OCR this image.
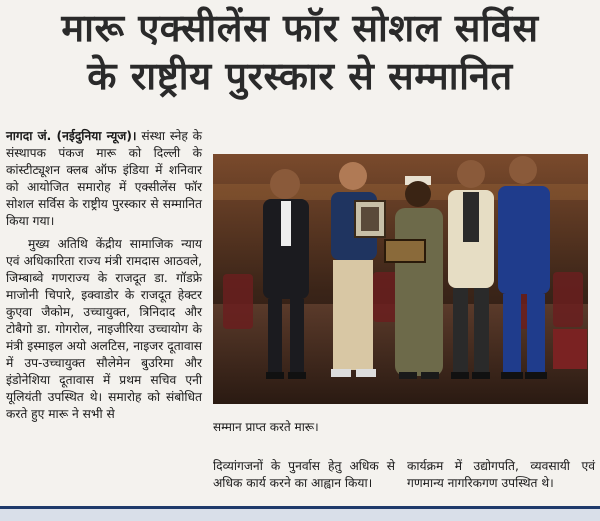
मारू एक्सीलेंस फॉर सोशल सर्विस
के राष्ट्रीय पुरस्कार से सम्मानित

नागदा जं. (नईदुनिया न्यूज)। संस्था स्नेह के संस्थापक पंकज मारू को दिल्ली के कांस्टीट्यूशन क्लब ऑफ इंडिया में शनिवार को आयोजित समारोह में एक्सीलेंस फॉर सोशल सर्विस के राष्ट्रीय पुरस्कार से सम्मानित किया गया।

मुख्य अतिथि केंद्रीय सामाजिक न्याय एवं अधिकारिता राज्य मंत्री रामदास आठवले, जिम्बाब्वे गणराज्य के राजदूत डा. गॉडफ्रे माजोनी चिपारे, इक्वाडोर के राजदूत हेक्टर कुएवा जैकोम, उच्चायुक्त, त्रिनिदाद और टोबैगो डा. गोगरोल, नाइजीरिया उच्चायोग के मंत्री इस्माइल अयो अलटिस, नाइजर दूतावास में उप-उच्चायुक्त सौलेमेन बुउरिमा और इंडोनेशिया दूतावास में प्रथम सचिव एनी यूलियंती उपस्थित थे। समारोह को संबोधित करते हुए मारू ने सभी से

सम्मान प्राप्त करते मारू।
दिव्यांगजनों के पुनर्वास हेतु अधिक से अधिक कार्य करने का आह्वान किया।
कार्यक्रम में उद्योगपति, व्यवसायी एवं गणमान्य नागरिकगण उपस्थित थे।
